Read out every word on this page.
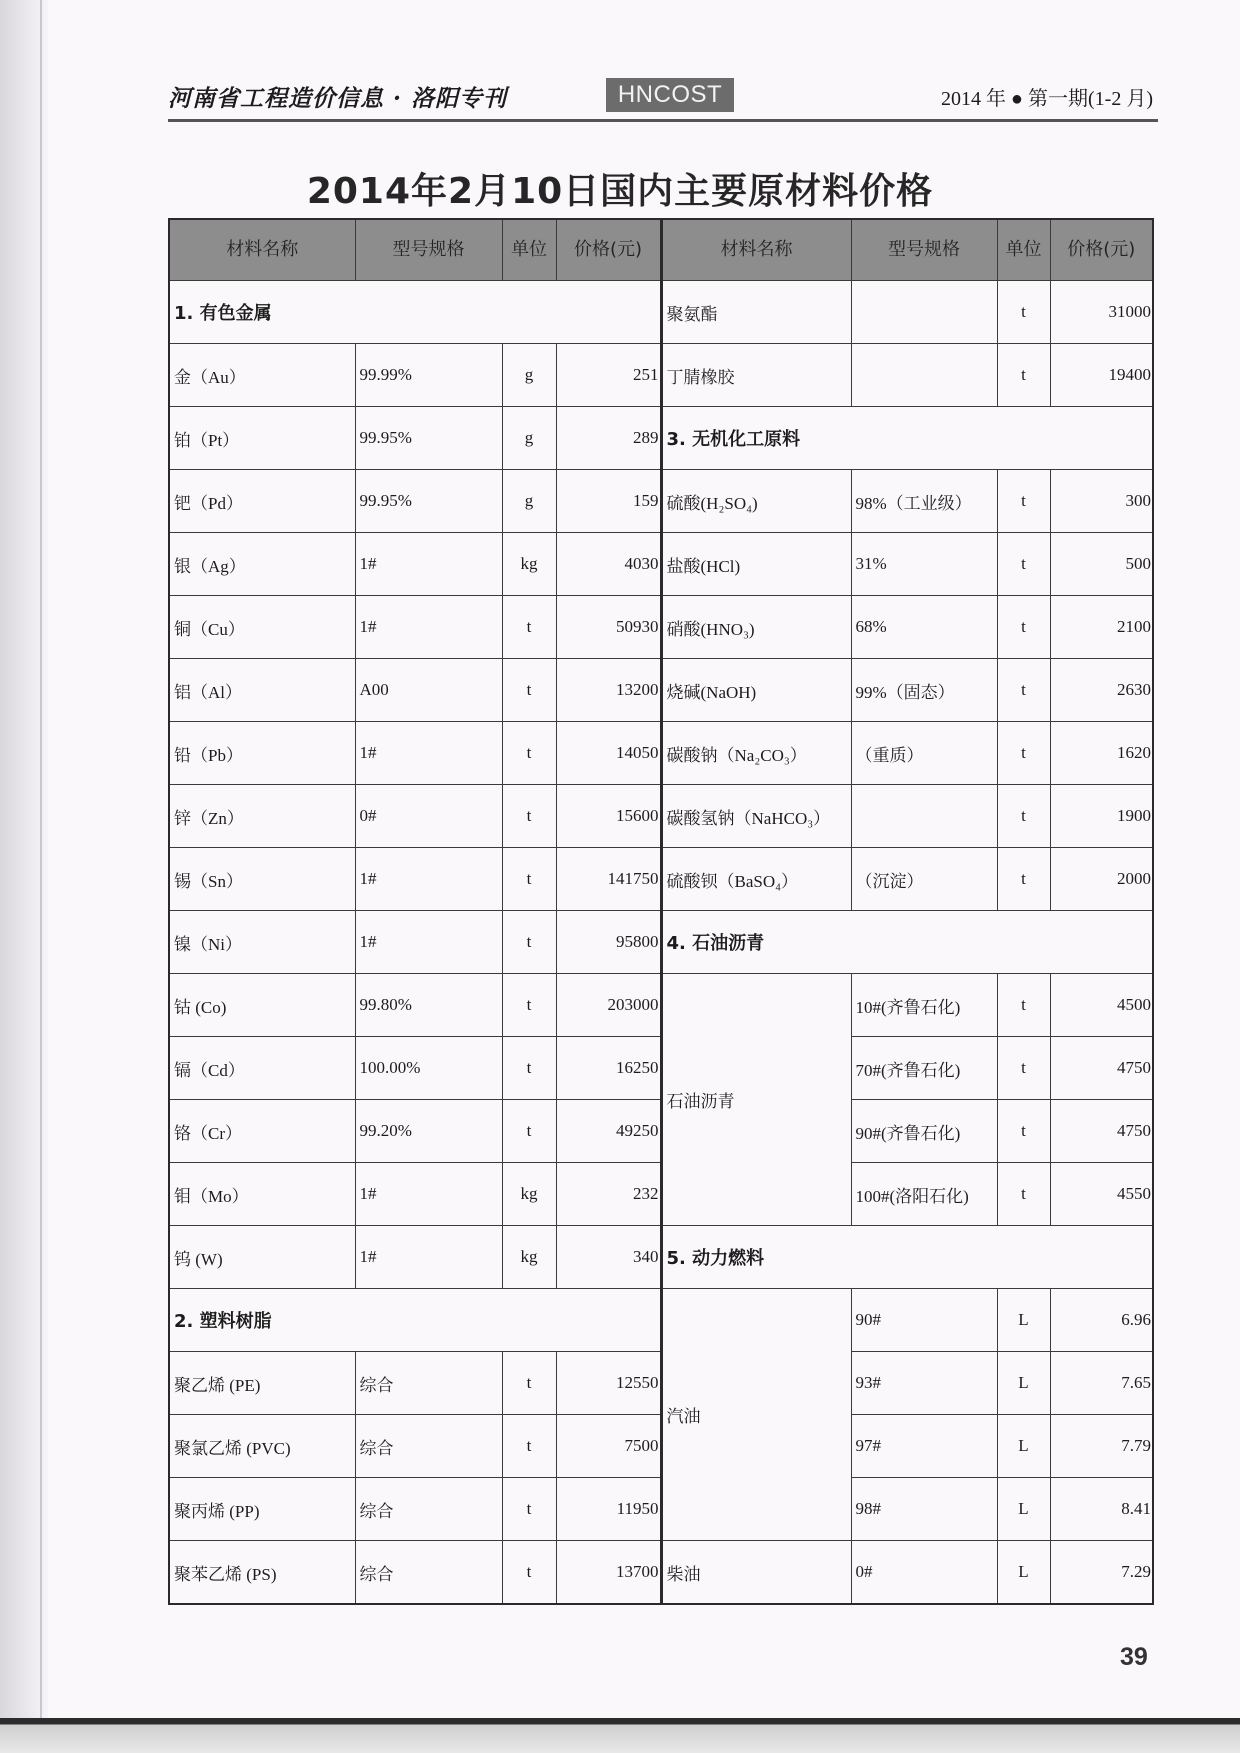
河南省工程造价信息 · 洛阳专刊	HNCOST	2014 年 ● 第一期(1-2 月)
2014年2月10日国内主要原材料价格
材料名称	型号规格	单位	价格(元)	材料名称	型号规格	单位	价格(元)
1. 有色金属				聚氨酯		t	31000
金（Au）	99.99%	g	251	丁腈橡胶		t	19400
铂（Pt）	99.95%	g	289	3. 无机化工原料			
钯（Pd）	99.95%	g	159	硫酸(H₂SO₄)	98%（工业级）	t	300
银（Ag）	1#	kg	4030	盐酸(HCl)	31%	t	500
铜（Cu）	1#	t	50930	硝酸(HNO₃)	68%	t	2100
铝（Al）	A00	t	13200	烧碱(NaOH)	99%（固态）	t	2630
铅（Pb）	1#	t	14050	碳酸钠（Na₂CO₃）	（重质）	t	1620
锌（Zn）	0#	t	15600	碳酸氢钠（NaHCO₃）		t	1900
锡（Sn）	1#	t	141750	硫酸钡（BaSO₄）	（沉淀）	t	2000
镍（Ni）	1#	t	95800	4. 石油沥青			
钴 (Co)	99.80%	t	203000	石油沥青	10#(齐鲁石化)	t	4500
镉（Cd）	100.00%	t	16250		70#(齐鲁石化)	t	4750
铬（Cr）	99.20%	t	49250		90#(齐鲁石化)	t	4750
钼（Mo）	1#	kg	232		100#(洛阳石化)	t	4550
钨 (W)	1#	kg	340	5. 动力燃料			
2. 塑料树脂				汽油	90#	L	6.96
聚乙烯 (PE)	综合	t	12550		93#	L	7.65
聚氯乙烯 (PVC)	综合	t	7500		97#	L	7.79
聚丙烯 (PP)	综合	t	11950		98#	L	8.41
聚苯乙烯 (PS)	综合	t	13700	柴油	0#	L	7.29
39
